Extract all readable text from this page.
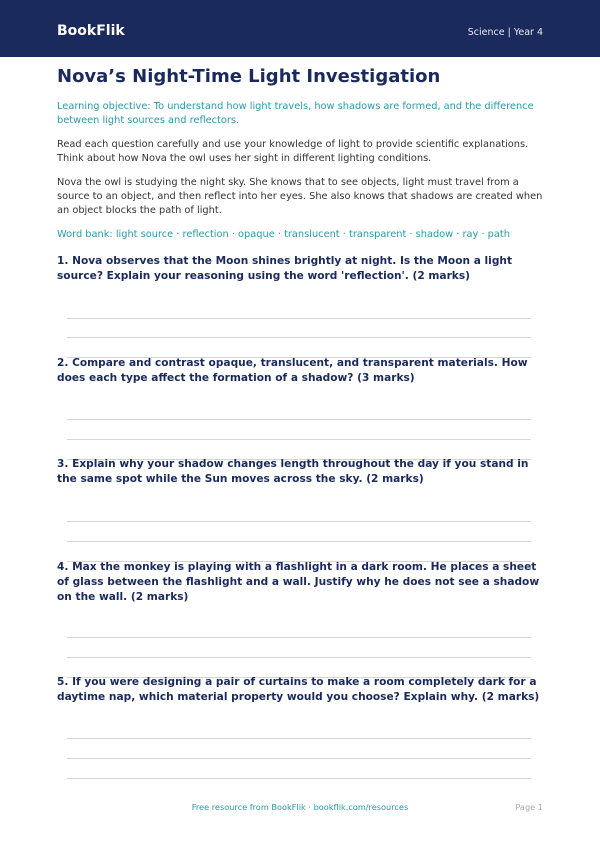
BookFlik	Science | Year 4
Nova’s Night-Time Light Investigation
Learning objective: To understand how light travels, how shadows are formed, and the difference between light sources and reflectors.
Read each question carefully and use your knowledge of light to provide scientific explanations. Think about how Nova the owl uses her sight in different lighting conditions.
Nova the owl is studying the night sky. She knows that to see objects, light must travel from a source to an object, and then reflect into her eyes. She also knows that shadows are created when an object blocks the path of light.
Word bank: light source · reflection · opaque · translucent · transparent · shadow · ray · path
1. Nova observes that the Moon shines brightly at night. Is the Moon a light source? Explain your reasoning using the word 'reflection'. (2 marks)
2. Compare and contrast opaque, translucent, and transparent materials. How does each type affect the formation of a shadow? (3 marks)
3. Explain why your shadow changes length throughout the day if you stand in the same spot while the Sun moves across the sky. (2 marks)
4. Max the monkey is playing with a flashlight in a dark room. He places a sheet of glass between the flashlight and a wall. Justify why he does not see a shadow on the wall. (2 marks)
5. If you were designing a pair of curtains to make a room completely dark for a daytime nap, which material property would you choose? Explain why. (2 marks)
Free resource from BookFlik · bookflik.com/resources	Page 1
